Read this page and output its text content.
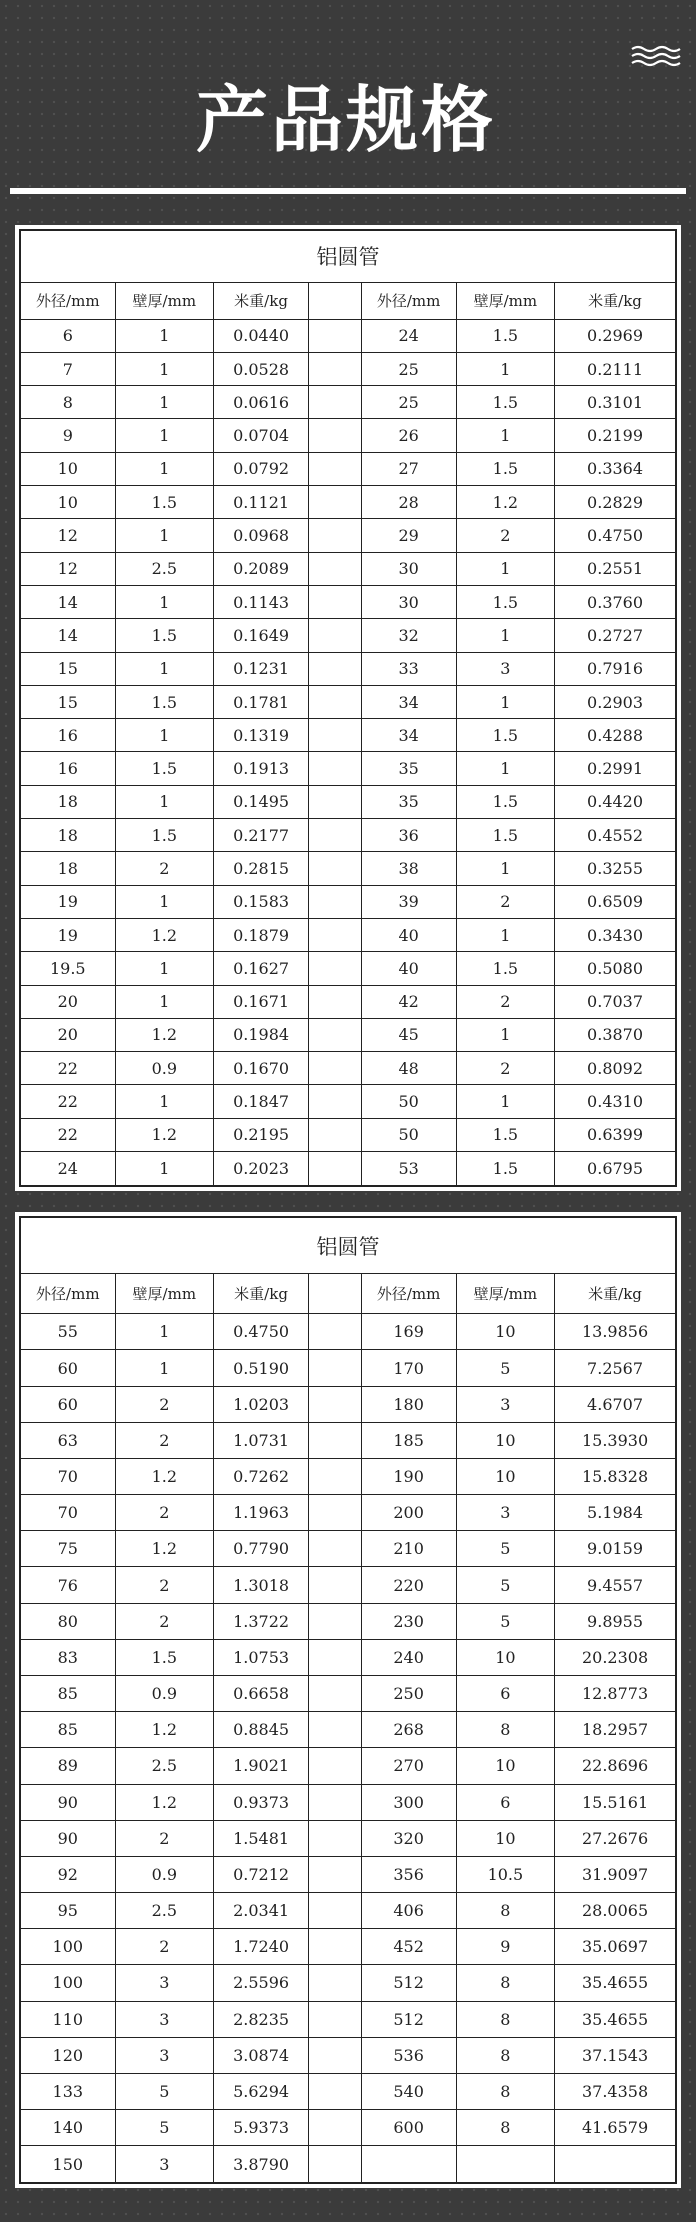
产品规格
铝圆管						
外径/mm	壁厚/mm	米重/kg		外径/mm	壁厚/mm	米重/kg
6	1	0.0440		24	1.5	0.2969
7	1	0.0528		25	1	0.2111
8	1	0.0616		25	1.5	0.3101
9	1	0.0704		26	1	0.2199
10	1	0.0792		27	1.5	0.3364
10	1.5	0.1121		28	1.2	0.2829
12	1	0.0968		29	2	0.4750
12	2.5	0.2089		30	1	0.2551
14	1	0.1143		30	1.5	0.3760
14	1.5	0.1649		32	1	0.2727
15	1	0.1231		33	3	0.7916
15	1.5	0.1781		34	1	0.2903
16	1	0.1319		34	1.5	0.4288
16	1.5	0.1913		35	1	0.2991
18	1	0.1495		35	1.5	0.4420
18	1.5	0.2177		36	1.5	0.4552
18	2	0.2815		38	1	0.3255
19	1	0.1583		39	2	0.6509
19	1.2	0.1879		40	1	0.3430
19.5	1	0.1627		40	1.5	0.5080
20	1	0.1671		42	2	0.7037
20	1.2	0.1984		45	1	0.3870
22	0.9	0.1670		48	2	0.8092
22	1	0.1847		50	1	0.4310
22	1.2	0.2195		50	1.5	0.6399
24	1	0.2023		53	1.5	0.6795
铝圆管						
外径/mm	壁厚/mm	米重/kg		外径/mm	壁厚/mm	米重/kg
55	1	0.4750		169	10	13.9856
60	1	0.5190		170	5	7.2567
60	2	1.0203		180	3	4.6707
63	2	1.0731		185	10	15.3930
70	1.2	0.7262		190	10	15.8328
70	2	1.1963		200	3	5.1984
75	1.2	0.7790		210	5	9.0159
76	2	1.3018		220	5	9.4557
80	2	1.3722		230	5	9.8955
83	1.5	1.0753		240	10	20.2308
85	0.9	0.6658		250	6	12.8773
85	1.2	0.8845		268	8	18.2957
89	2.5	1.9021		270	10	22.8696
90	1.2	0.9373		300	6	15.5161
90	2	1.5481		320	10	27.2676
92	0.9	0.7212		356	10.5	31.9097
95	2.5	2.0341		406	8	28.0065
100	2	1.7240		452	9	35.0697
100	3	2.5596		512	8	35.4655
110	3	2.8235		512	8	35.4655
120	3	3.0874		536	8	37.1543
133	5	5.6294		540	8	37.4358
140	5	5.9373		600	8	41.6579
150	3	3.8790				
